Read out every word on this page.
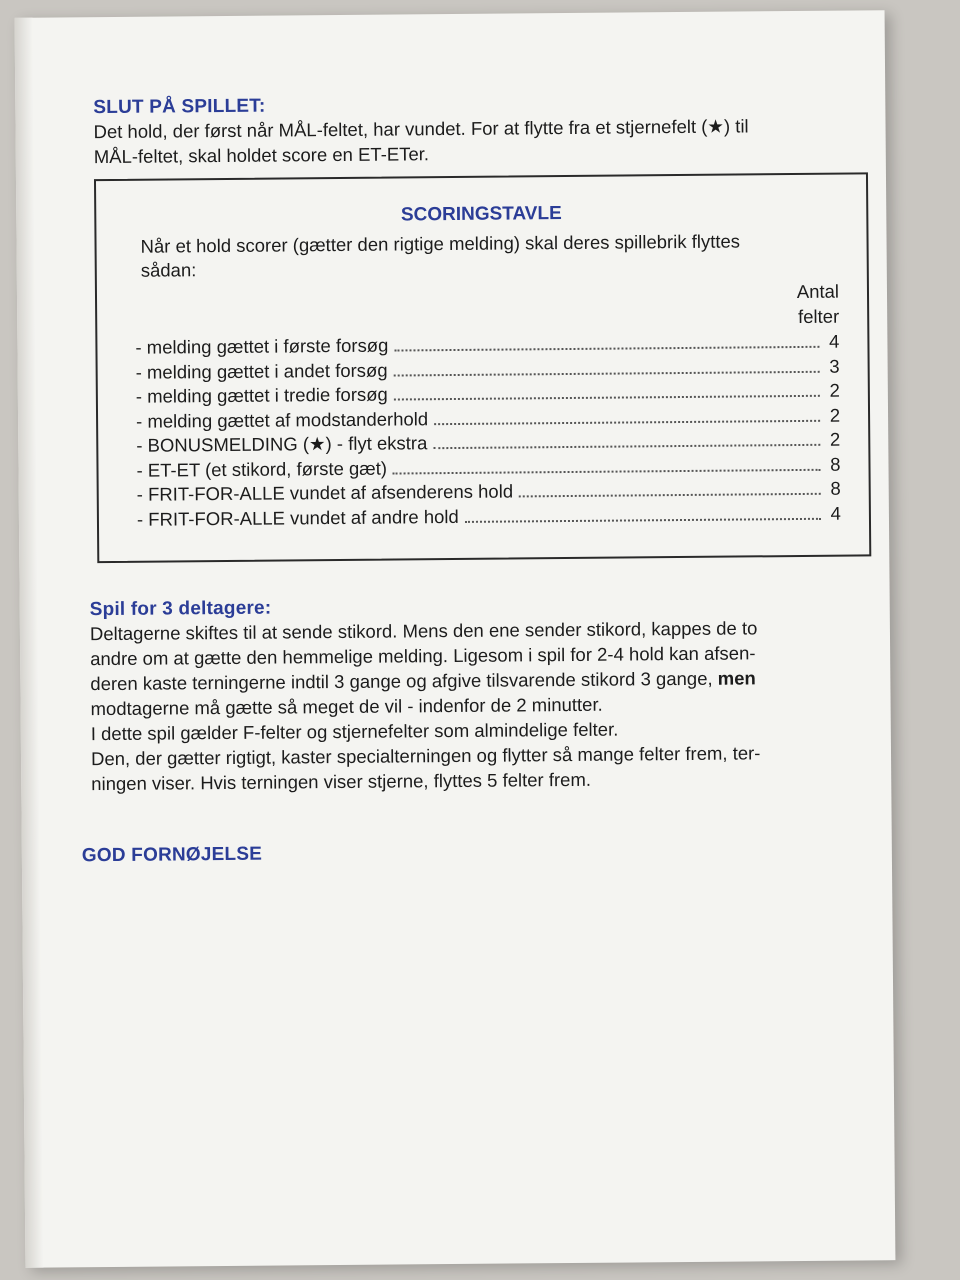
SLUT PÅ SPILLET:
Det hold, der først når MÅL-feltet, har vundet. For at flytte fra et stjernefelt (★) til
MÅL-feltet, skal holdet score en ET-ETer.
SCORINGSTAVLE
Når et hold scorer (gætter den rigtige melding) skal deres spillebrik flyttes
sådan:
Antal
felter
- melding gættet i første forsøg	4
- melding gættet i andet forsøg	3
- melding gættet i tredie forsøg	2
- melding gættet af modstanderhold	2
- BONUSMELDING (★) - flyt ekstra	2
- ET-ET (et stikord, første gæt)	8
- FRIT-FOR-ALLE vundet af afsenderens hold	8
- FRIT-FOR-ALLE vundet af andre hold	4
Spil for 3 deltagere:
Deltagerne skiftes til at sende stikord. Mens den ene sender stikord, kappes de to
andre om at gætte den hemmelige melding. Ligesom i spil for 2-4 hold kan afsen-
deren kaste terningerne indtil 3 gange og afgive tilsvarende stikord 3 gange, men
modtagerne må gætte så meget de vil - indenfor de 2 minutter.
I dette spil gælder F-felter og stjernefelter som almindelige felter.
Den, der gætter rigtigt, kaster specialterningen og flytter så mange felter frem, ter-
ningen viser. Hvis terningen viser stjerne, flyttes 5 felter frem.
GOD FORNØJELSE
